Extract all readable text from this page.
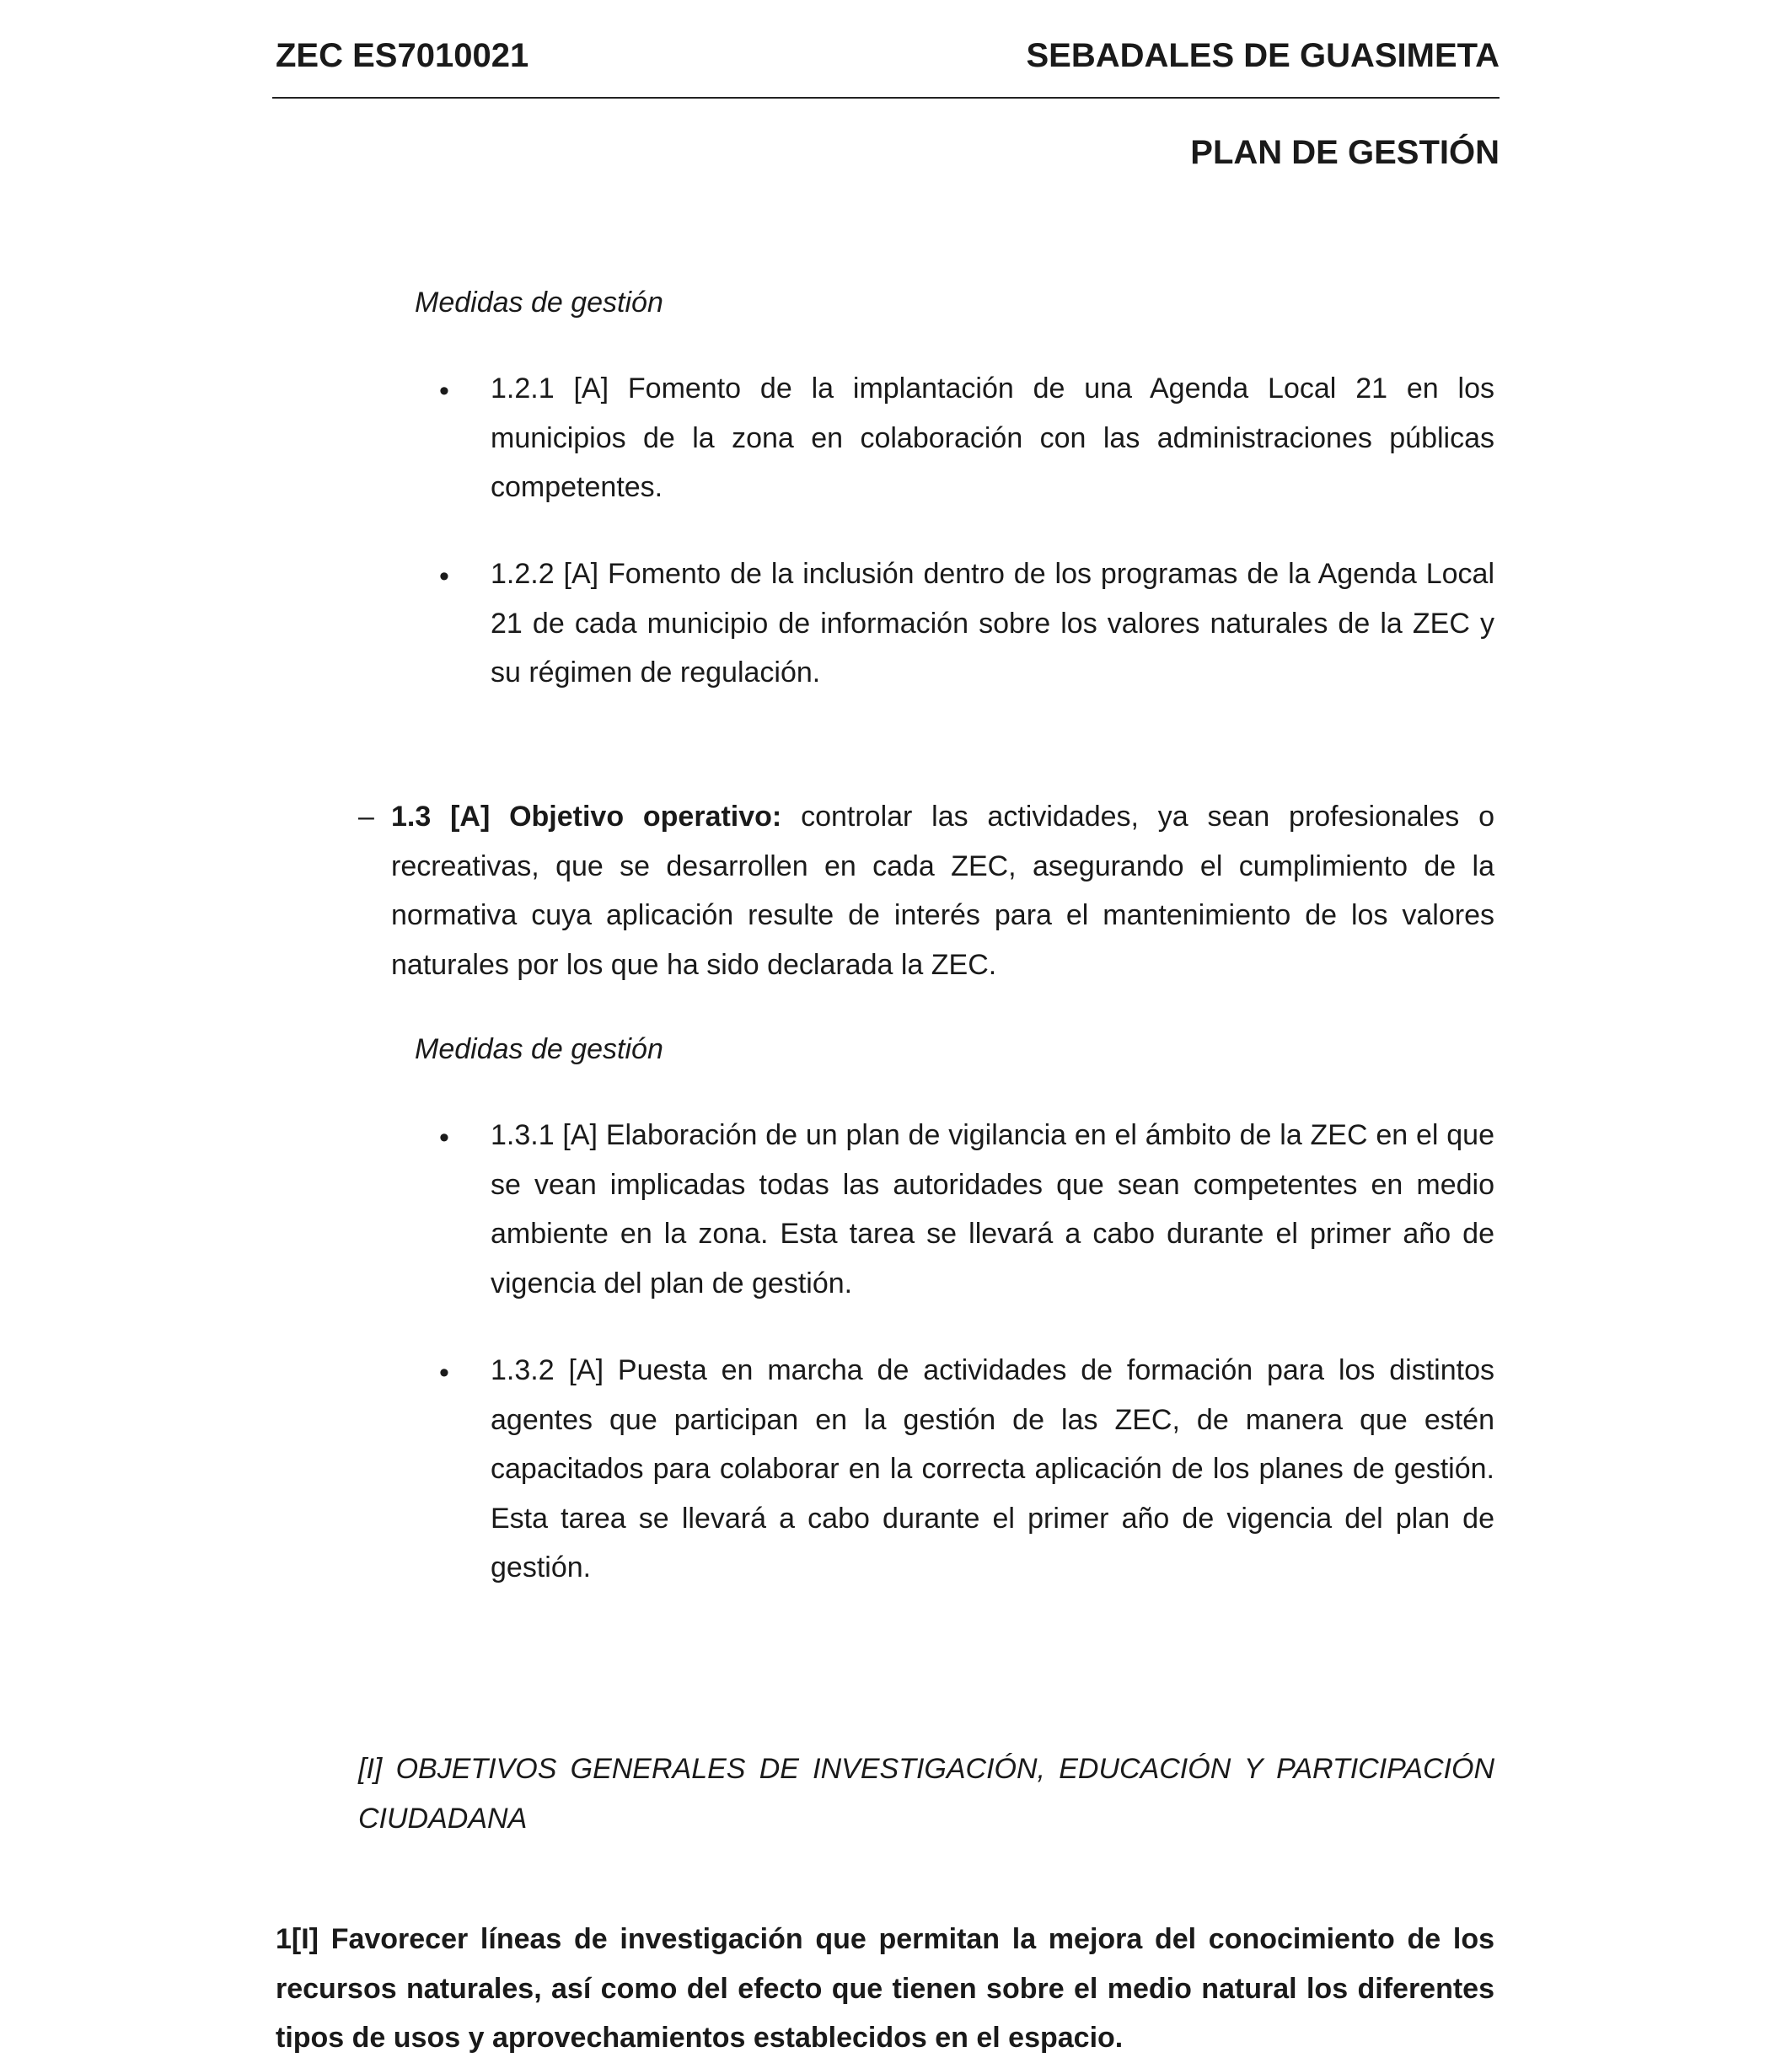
ZEC ES7010021	SEBADALES DE GUASIMETA
PLAN DE GESTIÓN
Medidas de gestión
• 1.2.1 [A] Fomento de la implantación de una Agenda Local 21 en los municipios de la zona en colaboración con las administraciones públicas competentes.
• 1.2.2 [A] Fomento de la inclusión dentro de los programas de la Agenda Local 21 de cada municipio de información sobre los valores naturales de la ZEC y su régimen de regulación.
– 1.3 [A] Objetivo operativo: controlar las actividades, ya sean profesionales o recreativas, que se desarrollen en cada ZEC, asegurando el cumplimiento de la normativa cuya aplicación resulte de interés para el mantenimiento de los valores naturales por los que ha sido declarada la ZEC.
Medidas de gestión
• 1.3.1 [A] Elaboración de un plan de vigilancia en el ámbito de la ZEC en el que se vean implicadas todas las autoridades que sean competentes en medio ambiente en la zona. Esta tarea se llevará a cabo durante el primer año de vigencia del plan de gestión.
• 1.3.2 [A] Puesta en marcha de actividades de formación para los distintos agentes que participan en la gestión de las ZEC, de manera que estén capacitados para colaborar en la correcta aplicación de los planes de gestión. Esta tarea se llevará a cabo durante el primer año de vigencia del plan de gestión.
[I] OBJETIVOS GENERALES DE INVESTIGACIÓN, EDUCACIÓN Y PARTICIPACIÓN CIUDADANA
1[I] Favorecer líneas de investigación que permitan la mejora del conocimiento de los recursos naturales, así como del efecto que tienen sobre el medio natural los diferentes tipos de usos y aprovechamientos establecidos en el espacio.
